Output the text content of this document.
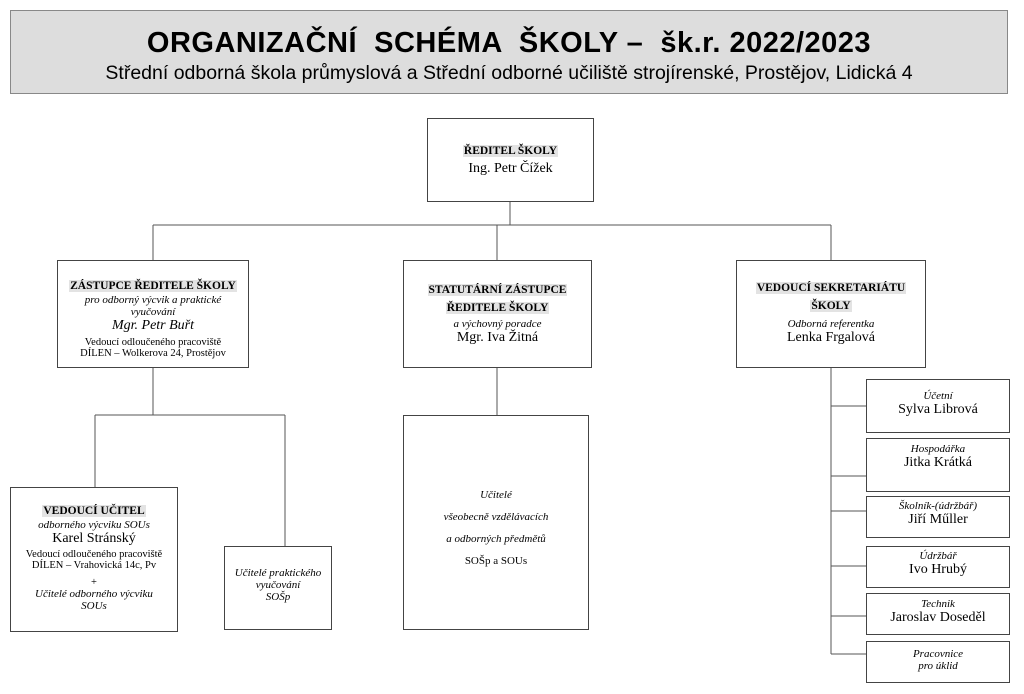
ORGANIZAČNÍ  SCHÉMA  ŠKOLY –  šk.r. 2022/2023
Střední odborná škola průmyslová a Střední odborné učiliště strojírenské, Prostějov, Lidická 4
ŘEDITEL ŠKOLY
Ing. Petr Čížek
ZÁSTUPCE ŘEDITELE ŠKOLY
pro odborný výcvik a praktické
vyučování
Mgr. Petr Buřt
Vedoucí odloučeného pracoviště
DÍLEN – Wolkerova 24, Prostějov
STATUTÁRNÍ ZÁSTUPCE
ŘEDITELE ŠKOLY
a výchovný poradce
Mgr. Iva Žitná
VEDOUCÍ SEKRETARIÁTU
ŠKOLY
Odborná referentka
Lenka Frgalová
VEDOUCÍ UČITEL
odborného výcviku SOUs
Karel Stránský
Vedoucí odloučeného pracoviště
DÍLEN – Vrahovická 14c, Pv
+
Učitelé odborného výcviku
SOUs
Učitelé praktického
vyučování
SOŠp
Učitelé
všeobecně vzdělávacích
a odborných předmětů
SOŠp a SOUs
Účetní
Sylva Librová
Hospodářka
Jitka Krátká
Školník-(údržbář)
Jiří Műller
Údržbář
Ivo Hrubý
Technik
Jaroslav Doseděl
Pracovnice
pro úklid
